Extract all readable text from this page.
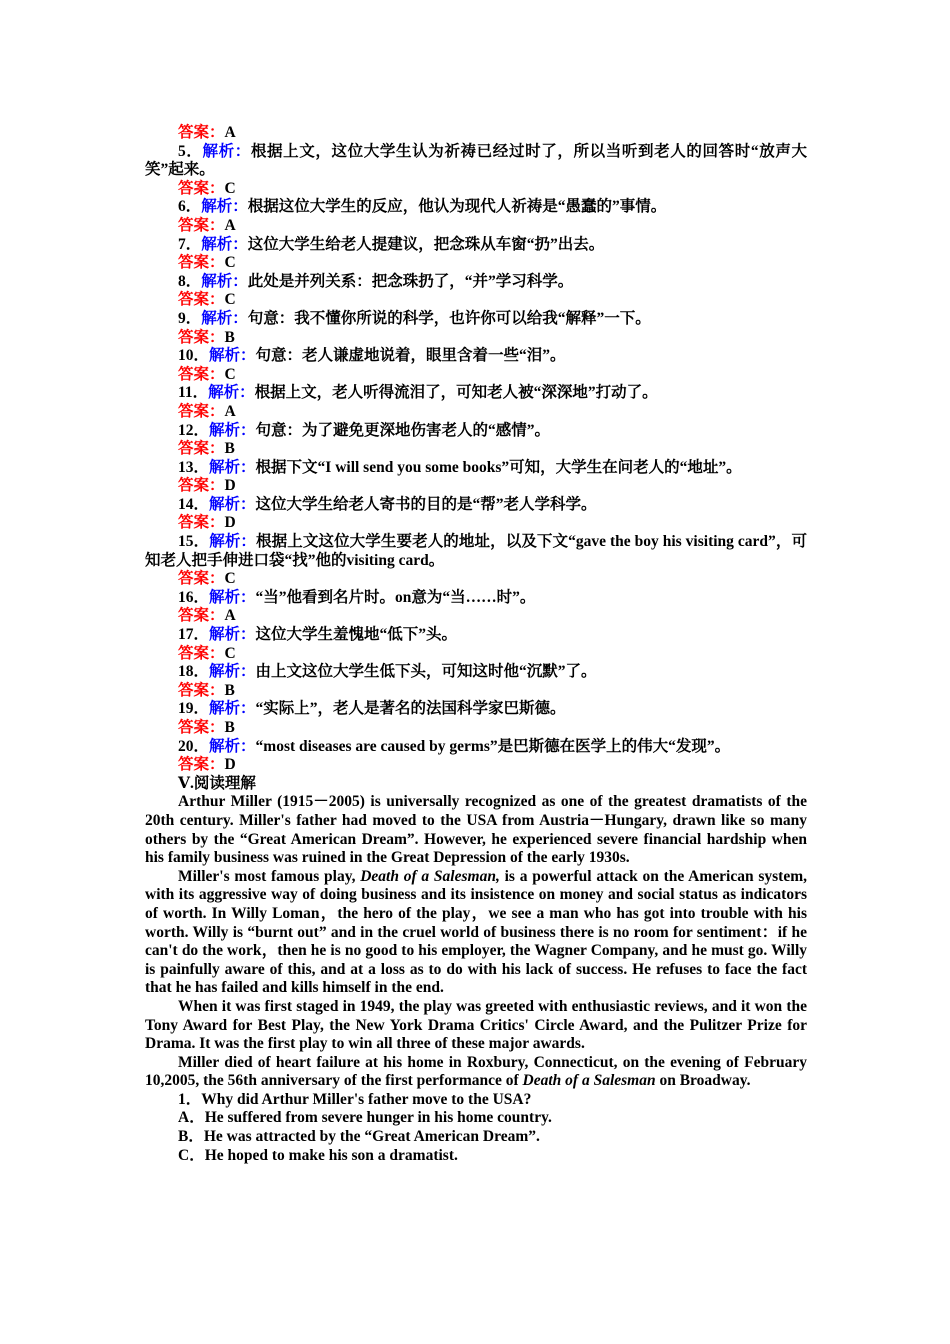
答案：A
5．解析：根据上文，这位大学生认为祈祷已经过时了，所以当听到老人的回答时“放声大笑”起来。
答案：C
6．解析：根据这位大学生的反应，他认为现代人祈祷是“愚蠢的”事情。
答案：A
7．解析：这位大学生给老人提建议，把念珠从车窗“扔”出去。
答案：C
8．解析：此处是并列关系：把念珠扔了，“并”学习科学。
答案：C
9．解析：句意：我不懂你所说的科学，也许你可以给我“解释”一下。
答案：B
10．解析：句意：老人谦虚地说着，眼里含着一些“泪”。
答案：C
11．解析：根据上文，老人听得流泪了，可知老人被“深深地”打动了。
答案：A
12．解析：句意：为了避免更深地伤害老人的“感情”。
答案：B
13．解析：根据下文“I will send you some books”可知，大学生在问老人的“地址”。
答案：D
14．解析：这位大学生给老人寄书的目的是“帮”老人学科学。
答案：D
15．解析：根据上文这位大学生要老人的地址，以及下文“gave the boy his visiting card”，可知老人把手伸进口袋“找”他的visiting card。
答案：C
16．解析：“当”他看到名片时。on意为“当……时”。
答案：A
17．解析：这位大学生羞愧地“低下”头。
答案：C
18．解析：由上文这位大学生低下头，可知这时他“沉默”了。
答案：B
19．解析：“实际上”，老人是著名的法国科学家巴斯德。
答案：B
20．解析：“most diseases are caused by germs”是巴斯德在医学上的伟大“发现”。
答案：D
Ⅴ.阅读理解
Arthur Miller (1915－2005) is universally recognized as one of the greatest dramatists of the 20th century. Miller's father had moved to the USA from Austria－Hungary, drawn like so many others by the “Great American Dream”. However, he experienced severe financial hardship when his family business was ruined in the Great Depression of the early 1930s.
Miller's most famous play, Death of a Salesman, is a powerful attack on the American system, with its aggressive way of doing business and its insistence on money and social status as indicators of worth. In Willy Loman，the hero of the play，we see a man who has got into trouble with his worth. Willy is “burnt out” and in the cruel world of business there is no room for sentiment：if he can't do the work，then he is no good to his employer, the Wagner Company, and he must go. Willy is painfully aware of this, and at a loss as to do with his lack of success. He refuses to face the fact that he has failed and kills himself in the end.
When it was first staged in 1949, the play was greeted with enthusiastic reviews, and it won the Tony Award for Best Play, the New York Drama Critics' Circle Award, and the Pulitzer Prize for Drama. It was the first play to win all three of these major awards.
Miller died of heart failure at his home in Roxbury, Connecticut, on the evening of February 10,2005, the 56th anniversary of the first performance of Death of a Salesman on Broadway.
1．Why did Arthur Miller's father move to the USA?
A．He suffered from severe hunger in his home country.
B．He was attracted by the “Great American Dream”.
C．He hoped to make his son a dramatist.
